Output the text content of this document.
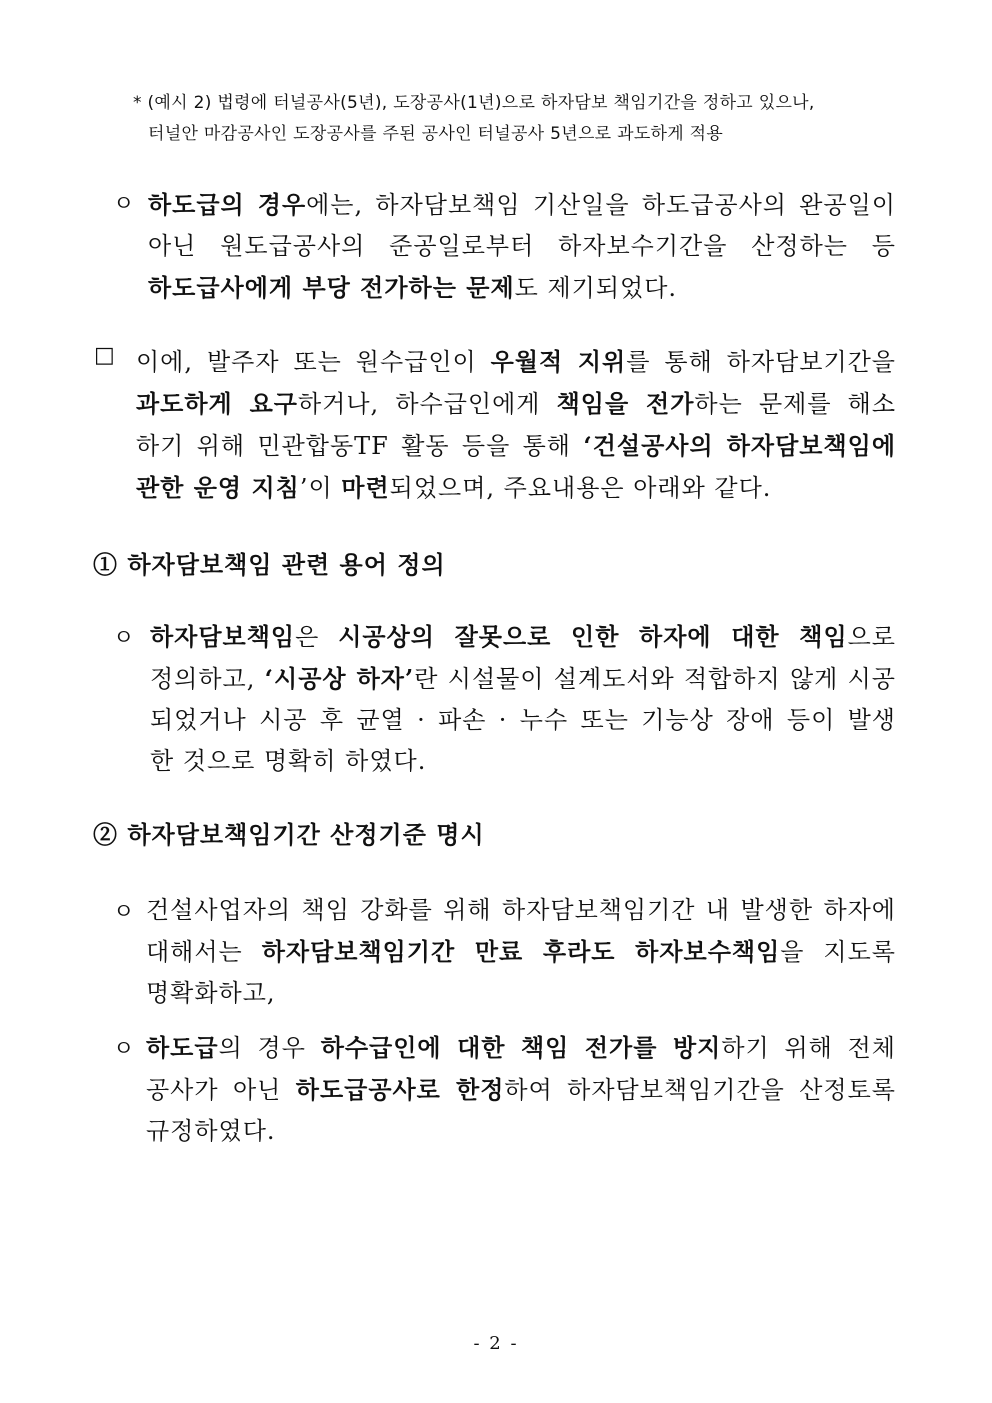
* (예시 2) 법령에 터널공사(5년), 도장공사(1년)으로 하자담보 책임기간을 정하고 있으나,
터널안 마감공사인 도장공사를 주된 공사인 터널공사 5년으로 과도하게 적용
ㅇ 하도급의 경우에는, 하자담보책임 기산일을 하도급공사의 완공일이
아닌 원도급공사의 준공일로부터 하자보수기간을 산정하는 등
하도급사에게 부당 전가하는 문제도 제기되었다.
□ 이에, 발주자 또는 원수급인이 우월적 지위를 통해 하자담보기간을
과도하게 요구하거나, 하수급인에게 책임을 전가하는 문제를 해소
하기 위해 민관합동TF 활동 등을 통해 ‘건설공사의 하자담보책임에
관한 운영 지침’이 마련되었으며, 주요내용은 아래와 같다.
① 하자담보책임 관련 용어 정의
ㅇ 하자담보책임은 시공상의 잘못으로 인한 하자에 대한 책임으로
정의하고, ‘시공상 하자’란 시설물이 설계도서와 적합하지 않게 시공
되었거나 시공 후 균열 · 파손 · 누수 또는 기능상 장애 등이 발생
한 것으로 명확히 하였다.
② 하자담보책임기간 산정기준 명시
ㅇ 건설사업자의 책임 강화를 위해 하자담보책임기간 내 발생한 하자에
대해서는 하자담보책임기간 만료 후라도 하자보수책임을 지도록
명확화하고,
ㅇ 하도급의 경우 하수급인에 대한 책임 전가를 방지하기 위해 전체
공사가 아닌 하도급공사로 한정하여 하자담보책임기간을 산정토록
규정하였다.
- 2 -
